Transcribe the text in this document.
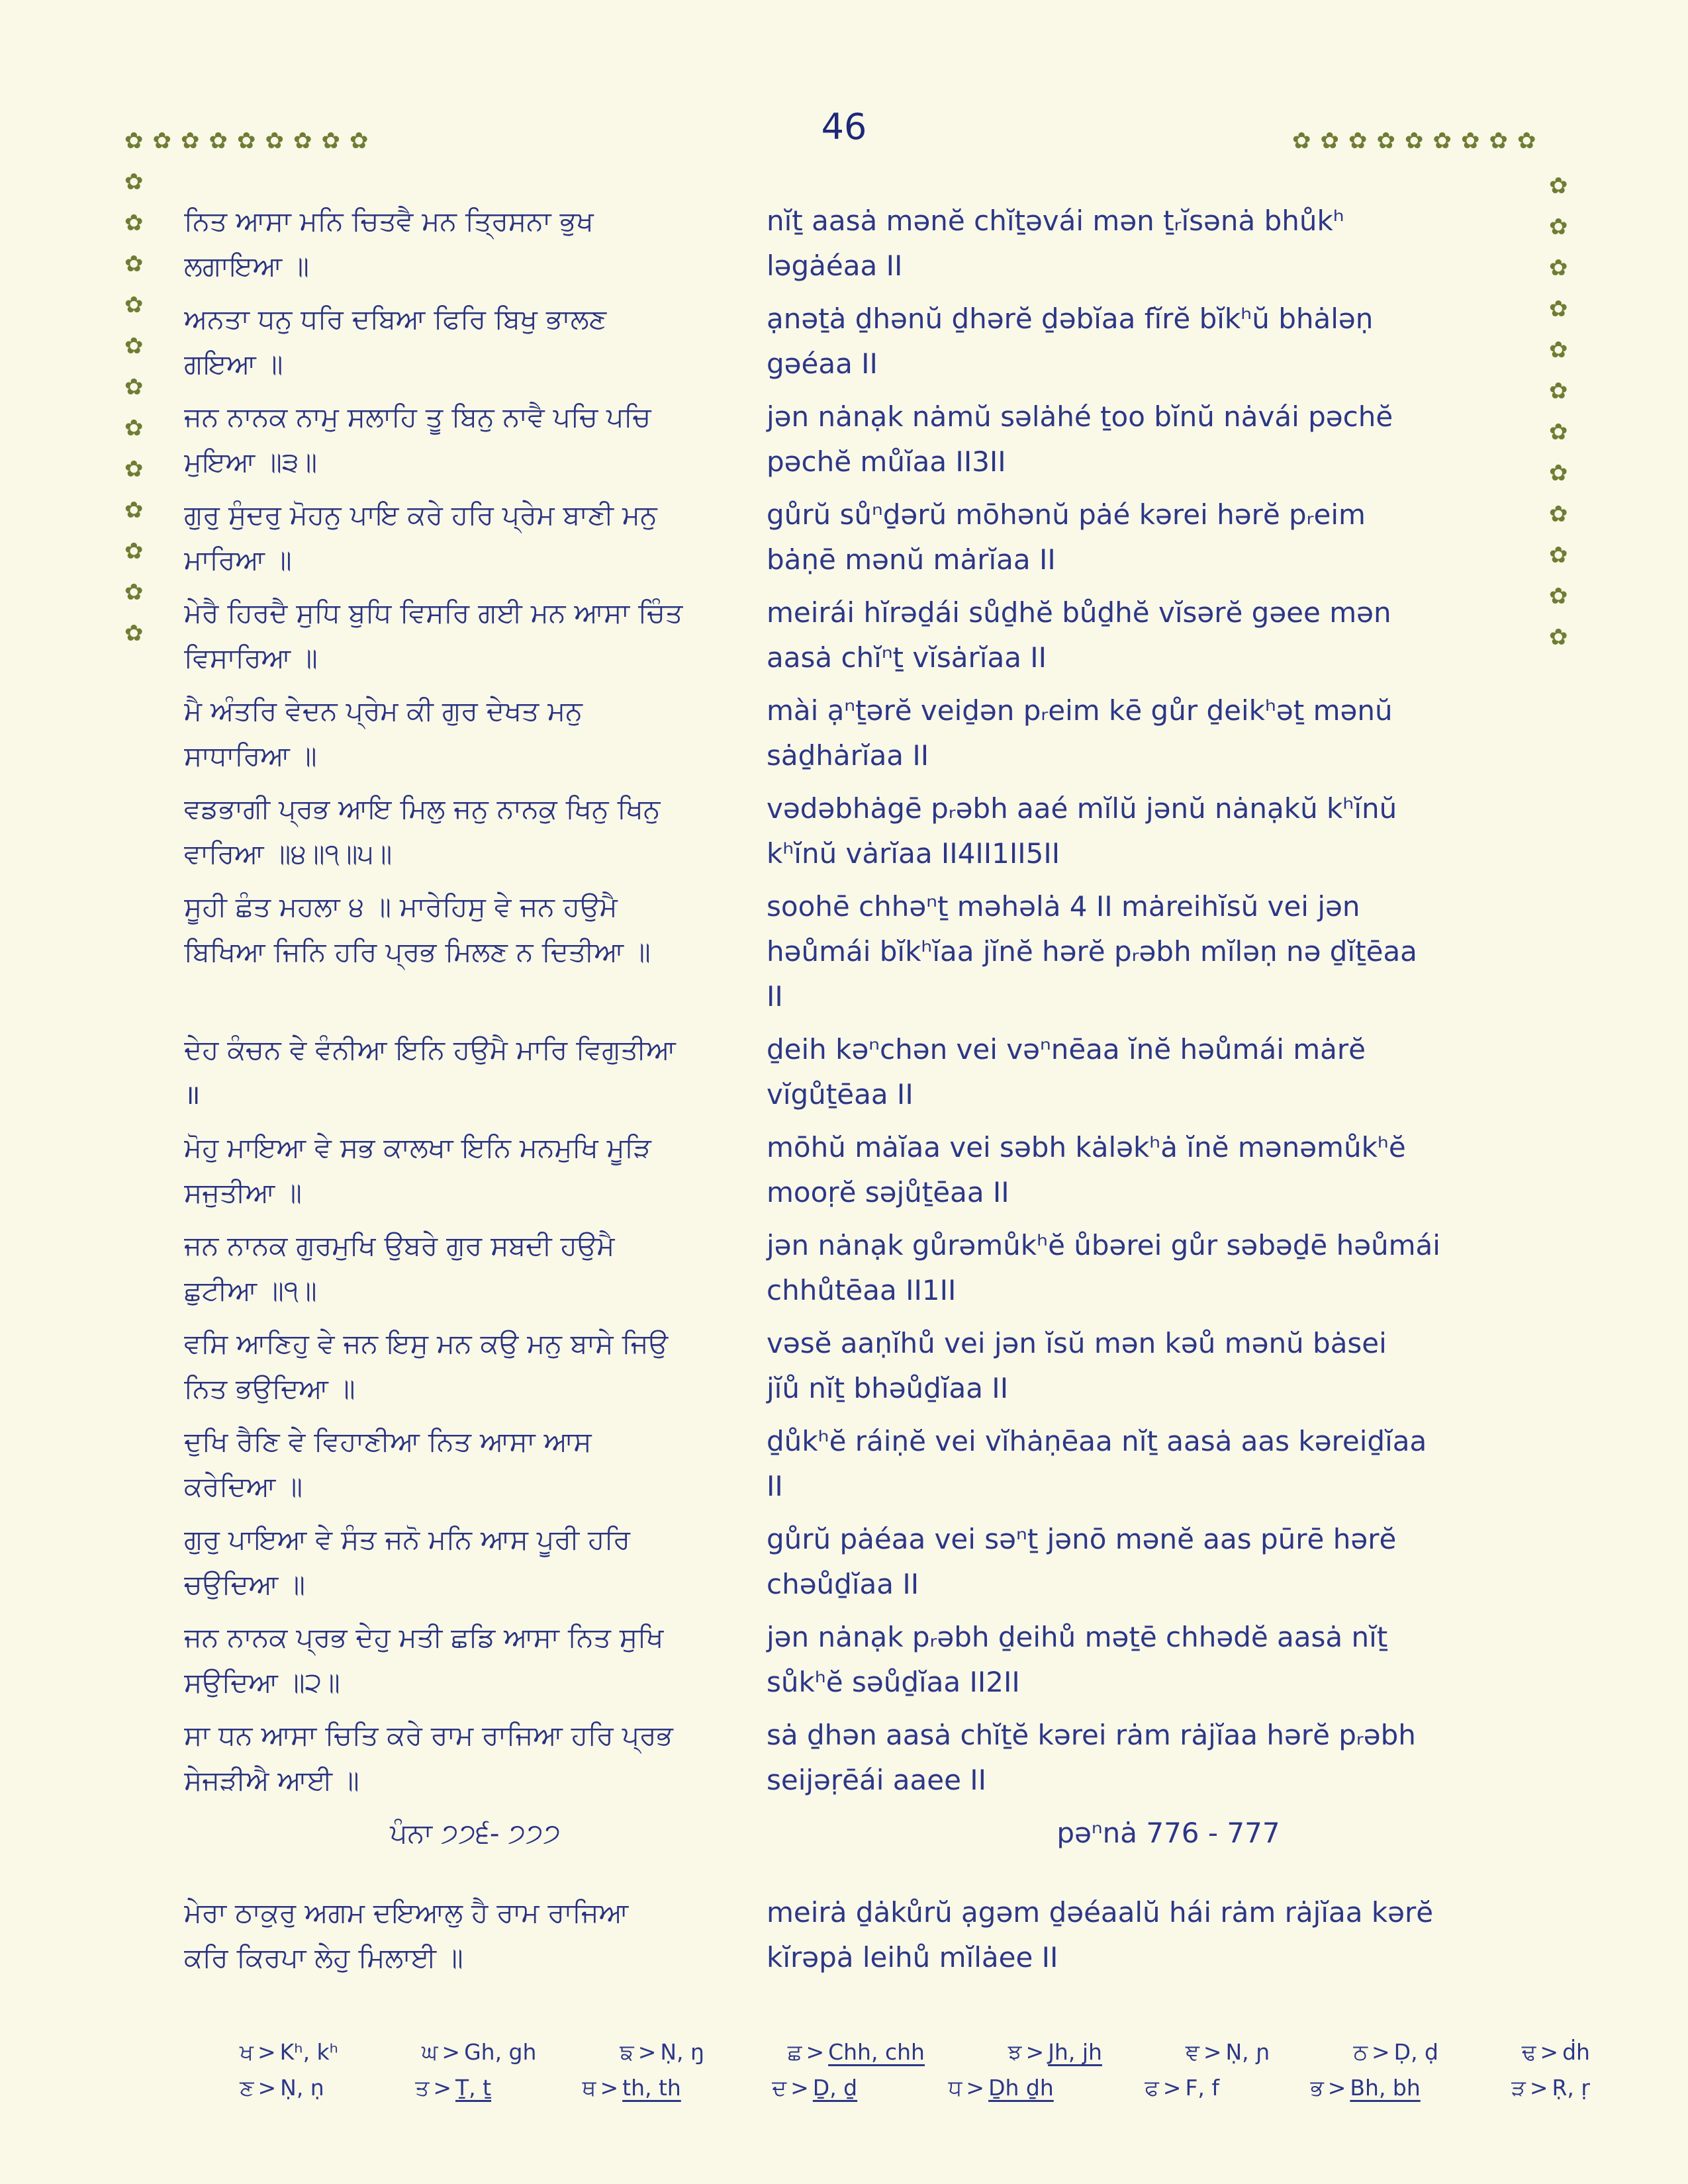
46
✿ ✿ ✿ ✿ ✿ ✿ ✿ ✿ ✿	✿ ✿ ✿ ✿ ✿ ✿ ✿ ✿ ✿
✿
✿
✿
✿
✿
✿
✿
✿
✿
✿
✿
✿
✿
✿
✿
✿
✿
✿
✿
✿
✿
✿
✿
✿
ਨਿਤ ਆਸਾ ਮਨਿ ਚਿਤਵੈ ਮਨ ਤ੍ਰਿਸਨਾ ਭੁਖ
ਲਗਾਇਆ ॥
nĭṯ aasȧ mənĕ chĭṯəvái mən ṯᵣĭsənȧ bhůkʰ
ləgȧéaa II
ਅਨਤਾ ਧਨੁ ਧਰਿ ਦਬਿਆ ਫਿਰਿ ਬਿਖੁ ਭਾਲਣ
ਗਇਆ ॥
ạnəṯȧ ḏhənŭ ḏhərĕ ḏəbĭaa fĭrĕ bĭkʰŭ bhȧləṇ
gəéaa II
ਜਨ ਨਾਨਕ ਨਾਮੁ ਸਲਾਹਿ ਤੂ ਬਿਨੁ ਨਾਵੈ ਪਚਿ ਪਚਿ
ਮੁਇਆ ॥੩॥
jən nȧnạk nȧmŭ səlȧhé ṯoo bĭnŭ nȧvái pəchĕ
pəchĕ můĭaa II3II
ਗੁਰੁ ਸੁੰਦਰੁ ਮੋਹਨੁ ਪਾਇ ਕਰੇ ਹਰਿ ਪ੍ਰੇਮ ਬਾਣੀ ਮਨੁ
ਮਾਰਿਆ ॥
gůrŭ sůⁿḏərŭ mōhənŭ pȧé kərei hərĕ pᵣeim
bȧṇē mənŭ mȧrĭaa II
ਮੇਰੈ ਹਿਰਦੈ ਸੁਧਿ ਬੁਧਿ ਵਿਸਰਿ ਗਈ ਮਨ ਆਸਾ ਚਿੰਤ
ਵਿਸਾਰਿਆ ॥
meirái hĭrəḏái sůḏhĕ bůḏhĕ vĭsərĕ gəee mən
aasȧ chĭⁿṯ vĭsȧrĭaa II
ਮੈ ਅੰਤਰਿ ਵੇਦਨ ਪ੍ਰੇਮ ਕੀ ਗੁਰ ਦੇਖਤ ਮਨੁ
ਸਾਧਾਰਿਆ ॥
mài ạⁿṯərĕ veiḏən pᵣeim kē gůr ḏeikʰəṯ mənŭ
sȧḏhȧrĭaa II
ਵਡਭਾਗੀ ਪ੍ਰਭ ਆਇ ਮਿਲੁ ਜਨੁ ਨਾਨਕੁ ਖਿਨੁ ਖਿਨੁ
ਵਾਰਿਆ ॥੪॥੧॥੫॥
vədəbhȧgē pᵣəbh aaé mĭlŭ jənŭ nȧnạkŭ kʰĭnŭ
kʰĭnŭ vȧrĭaa II4II1II5II
ਸੂਹੀ ਛੰਤ ਮਹਲਾ ੪ ॥ ਮਾਰੇਹਿਸੁ ਵੇ ਜਨ ਹਉਮੈ
ਬਿਖਿਆ ਜਿਨਿ ਹਰਿ ਪ੍ਰਭ ਮਿਲਣ ਨ ਦਿਤੀਆ ॥
soohē chhəⁿṯ məhəlȧ 4 II mȧreihĭsŭ vei jən
həůmái bĭkʰĭaa jĭnĕ hərĕ pᵣəbh mĭləṇ nə ḏĭṯēaa
II
ਦੇਹ ਕੰਚਨ ਵੇ ਵੰਨੀਆ ਇਨਿ ਹਉਮੈ ਮਾਰਿ ਵਿਗੁਤੀਆ
॥
ḏeih kəⁿchən vei vəⁿnēaa ĭnĕ həůmái mȧrĕ
vĭgůṯēaa II
ਮੋਹੁ ਮਾਇਆ ਵੇ ਸਭ ਕਾਲਖਾ ਇਨਿ ਮਨਮੁਖਿ ਮੂੜਿ
ਸਜੁਤੀਆ ॥
mōhŭ mȧĭaa vei səbh kȧləkʰȧ ĭnĕ mənəmůkʰĕ
mooṛĕ səjůṯēaa II
ਜਨ ਨਾਨਕ ਗੁਰਮੁਖਿ ਉਬਰੇ ਗੁਰ ਸਬਦੀ ਹਉਮੈ
ਛੁਟੀਆ ॥੧॥
jən nȧnạk gůrəmůkʰĕ ůbərei gůr səbəḏē həůmái
chhůtēaa II1II
ਵਸਿ ਆਣਿਹੁ ਵੇ ਜਨ ਇਸੁ ਮਨ ਕਉ ਮਨੁ ਬਾਸੇ ਜਿਉ
ਨਿਤ ਭਉਦਿਆ ॥
vəsĕ aaṇĭhů vei jən ĭsŭ mən kəů mənŭ bȧsei
jĭů nĭṯ bhəůḏĭaa II
ਦੁਖਿ ਰੈਣਿ ਵੇ ਵਿਹਾਣੀਆ ਨਿਤ ਆਸਾ ਆਸ
ਕਰੇਦਿਆ ॥
ḏůkʰĕ ráiṇĕ vei vĭhȧṇēaa nĭṯ aasȧ aas kəreiḏĭaa
II
ਗੁਰੁ ਪਾਇਆ ਵੇ ਸੰਤ ਜਨੋ ਮਨਿ ਆਸ ਪੂਰੀ ਹਰਿ
ਚਉਦਿਆ ॥
gůrŭ pȧéaa vei səⁿṯ jənō mənĕ aas pūrē hərĕ
chəůḏĭaa II
ਜਨ ਨਾਨਕ ਪ੍ਰਭ ਦੇਹੁ ਮਤੀ ਛਡਿ ਆਸਾ ਨਿਤ ਸੁਖਿ
ਸਉਦਿਆ ॥੨॥
jən nȧnạk pᵣəbh ḏeihů məṯē chhədĕ aasȧ nĭṯ
sůkʰĕ səůḏĭaa II2II
ਸਾ ਧਨ ਆਸਾ ਚਿਤਿ ਕਰੇ ਰਾਮ ਰਾਜਿਆ ਹਰਿ ਪ੍ਰਭ
ਸੇਜੜੀਐ ਆਈ ॥
sȧ ḏhən aasȧ chĭṯĕ kərei rȧm rȧjĭaa hərĕ pᵣəbh
seijəṛēái aaee II
ਪੰਨਾ ੭੭੬- ੭੭੭	pəⁿnȧ 776 - 777
ਮੇਰਾ ਠਾਕੁਰੁ ਅਗਮ ਦਇਆਲੁ ਹੈ ਰਾਮ ਰਾਜਿਆ
ਕਰਿ ਕਿਰਪਾ ਲੇਹੁ ਮਿਲਾਈ ॥
meirȧ ḏȧkůrŭ ạgəm ḏəéaalŭ hái rȧm rȧjĭaa kərĕ
kĭrəpȧ leihů mĭlȧee II
ਖ > Kʰ, kʰ	ਘ > Gh, gh	ਙ > Ṇ, ŋ	ਛ > Chh, chh	ਝ > Jh, jh	ਞ > Ṇ, ɲ	ਠ > Ḍ, ḍ	ਢ > ḋh
ਣ > Ṇ, ṇ	ਤ > Ṯ, ṯ	ਥ > th, th	ਦ > Ḏ, ḏ	ਧ > Ḏh ḏh	ਫ > F, f	ਭ > Bh, bh	ੜ > Ṛ, ṛ
